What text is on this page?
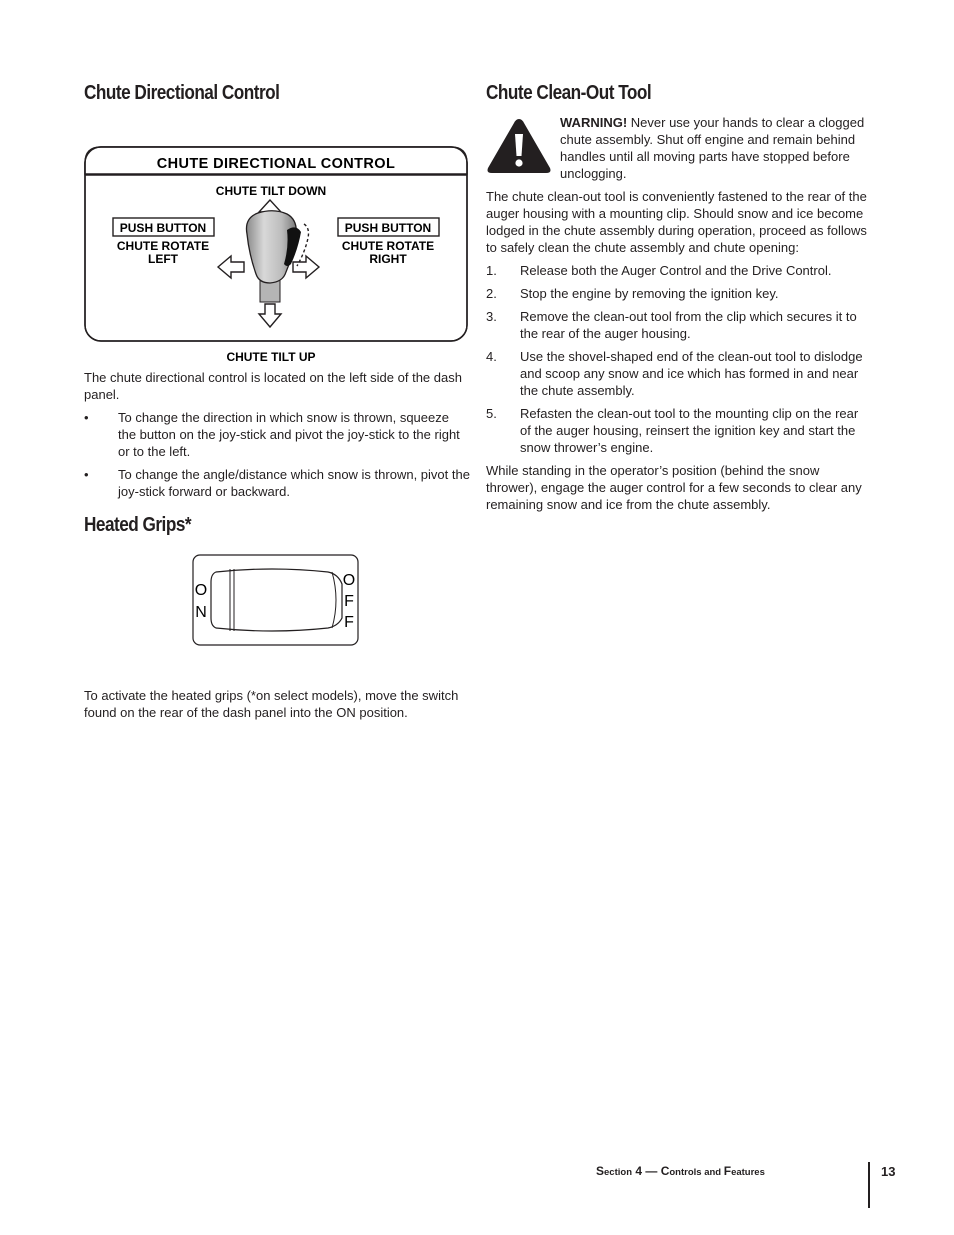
Chute Directional Control
CHUTE DIRECTIONAL CONTROL
CHUTE TILT DOWN
CHUTE TILT UP
PUSH BUTTON
CHUTE ROTATE
LEFT
PUSH BUTTON
CHUTE ROTATE
RIGHT

The chute directional control is located on the left side of the dash panel.

• To change the direction in which snow is thrown, squeeze the button on the joy-stick and pivot the joy-stick to the right or to the left.
• To change the angle/distance which snow is thrown, pivot the joy-stick forward or backward.
Heated Grips*
O
N
O
F
F

To activate the heated grips (*on select models), move the switch found on the rear of the dash panel into the ON position.

Chute Clean-Out Tool
WARNING! Never use your hands to clear a clogged chute assembly. Shut off engine and remain behind handles until all moving parts have stopped before unclogging.

The chute clean-out tool is conveniently fastened to the rear of the auger housing with a mounting clip. Should snow and ice become lodged in the chute assembly during operation, proceed as follows to safely clean the chute assembly and chute opening:

1. Release both the Auger Control and the Drive Control.
2. Stop the engine by removing the ignition key.
3. Remove the clean-out tool from the clip which secures it to the rear of the auger housing.
4. Use the shovel-shaped end of the clean-out tool to dislodge and scoop any snow and ice which has formed in and near the chute assembly.
5. Refasten the clean-out tool to the mounting clip on the rear of the auger housing, reinsert the ignition key and start the snow thrower’s engine.

While standing in the operator’s position (behind the snow thrower), engage the auger control for a few seconds to clear any remaining snow and ice from the chute assembly.

Section 4 — Controls and Features	13
